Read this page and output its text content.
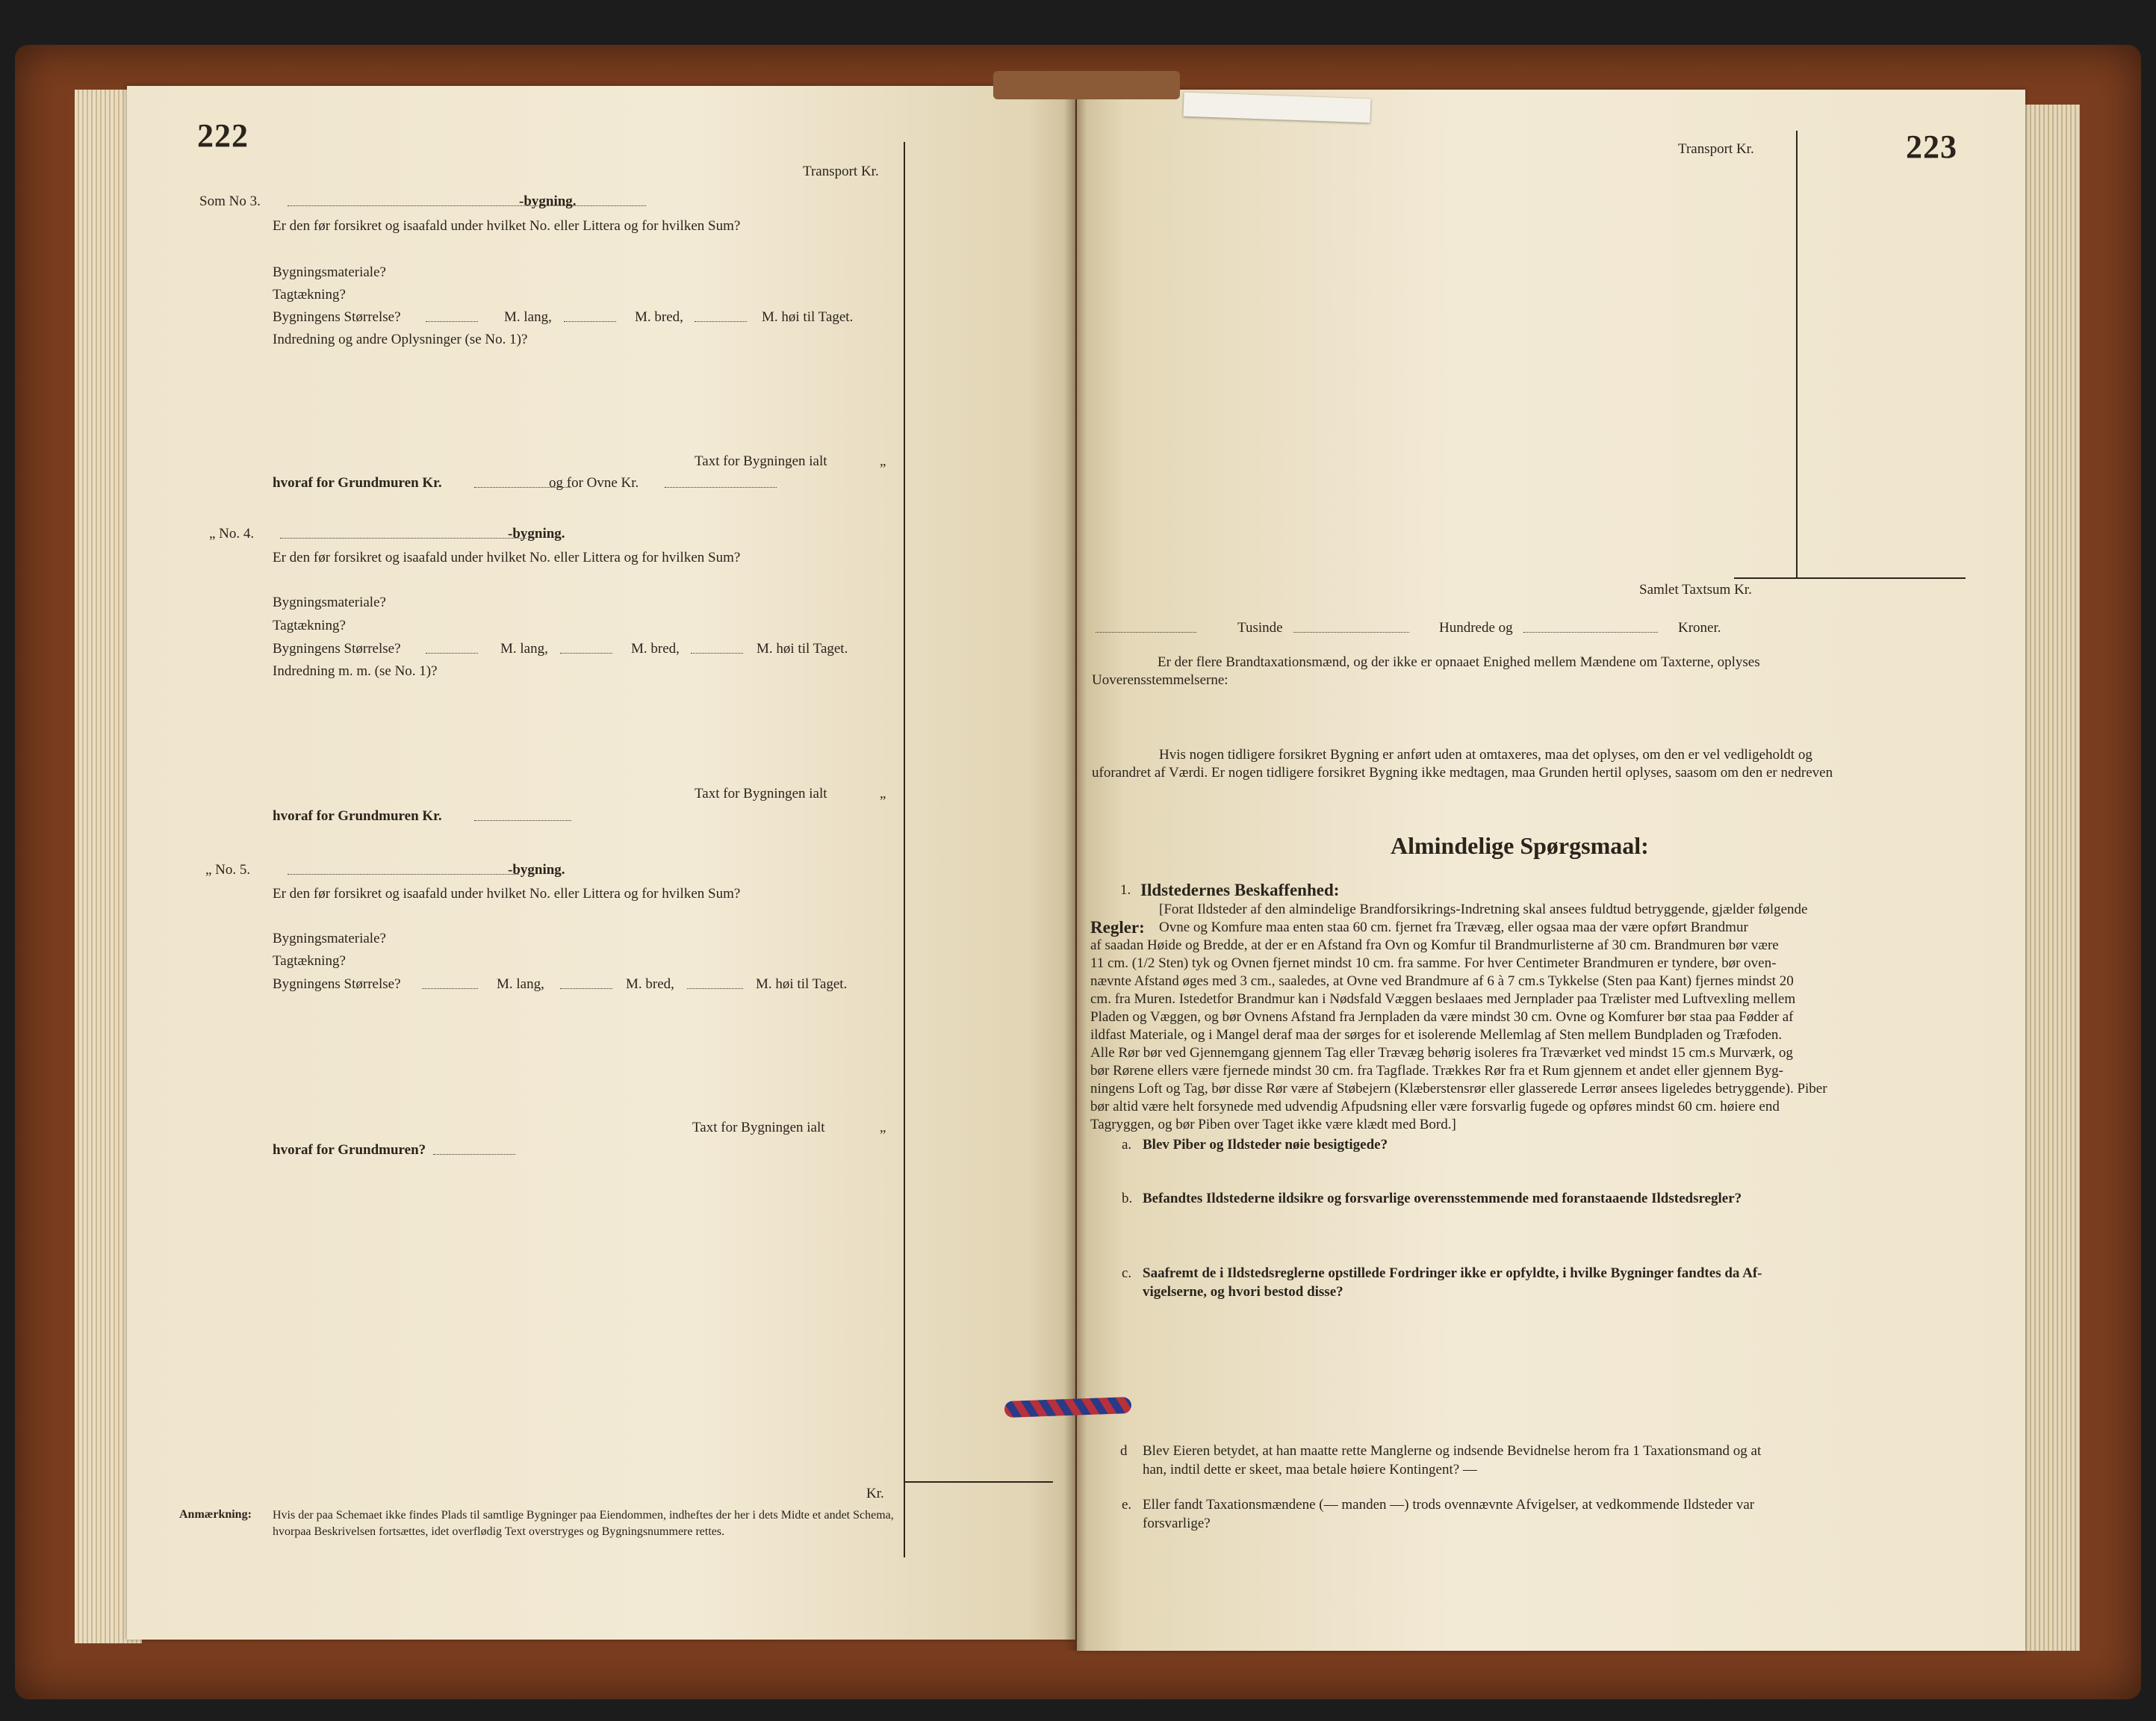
222
Transport Kr.
Som No 3.	-bygning.
Er den før forsikret og isaafald under hvilket No. eller Littera og for hvilken Sum?
Bygningsmateriale?
Tagtækning?
Bygningens Størrelse?	M. lang,	M. bred,	M. høi til Taget.
Indredning og andre Oplysninger (se No. 1)?
Taxt for Bygningen ialt	„
hvoraf for Grundmuren Kr.	og for Ovne Kr.
„ No. 4.	-bygning.
Er den før forsikret og isaafald under hvilket No. eller Littera og for hvilken Sum?
Bygningsmateriale?
Tagtækning?
Bygningens Størrelse?	M. lang,	M. bred,	M. høi til Taget.
Indredning m. m. (se No. 1)?
Taxt for Bygningen ialt	„
hvoraf for Grundmuren Kr.
„ No. 5.	-bygning.
Er den før forsikret og isaafald under hvilket No. eller Littera og for hvilken Sum?
Bygningsmateriale?
Tagtækning?
Bygningens Størrelse?	M. lang,	M. bred,	M. høi til Taget.
Taxt for Bygningen ialt	„
hvoraf for Grundmuren?
Kr.
Anmærkning: Hvis der paa Schemaet ikke findes Plads til samtlige Bygninger paa Eiendommen, indheftes der her i dets Midte et andet Schema,
hvorpaa Beskrivelsen fortsættes, idet overflødig Text overstryges og Bygningsnummere rettes.
Transport Kr.	223
Samlet Taxtsum Kr.
Tusinde	Hundrede og	Kroner.
Er der flere Brandtaxationsmænd, og der ikke er opnaaet Enighed mellem Mændene om Taxterne, oplyses
Uoverensstemmelserne:
Hvis nogen tidligere forsikret Bygning er anført uden at omtaxeres, maa det oplyses, om den er vel vedligeholdt og
uforandret af Værdi. Er nogen tidligere forsikret Bygning ikke medtagen, maa Grunden hertil oplyses, saasom om den er nedreven
Almindelige Spørgsmaal:
1. Ildstedernes Beskaffenhed:
Regler:
[Forat Ildsteder af den almindelige Brandforsikrings-Indretning skal ansees fuldtud betryggende, gjælder følgende
Ovne og Komfure maa enten staa 60 cm. fjernet fra Trævæg, eller ogsaa maa der være opført Brandmur
af saadan Høide og Bredde, at der er en Afstand fra Ovn og Komfur til Brandmurlisterne af 30 cm. Brandmuren bør være
11 cm. (1/2 Sten) tyk og Ovnen fjernet mindst 10 cm. fra samme. For hver Centimeter Brandmuren er tyndere, bør oven-
nævnte Afstand øges med 3 cm., saaledes, at Ovne ved Brandmure af 6 à 7 cm.s Tykkelse (Sten paa Kant) fjernes mindst 20
cm. fra Muren. Istedetfor Brandmur kan i Nødsfald Væggen beslaaes med Jernplader paa Trælister med Luftvexling mellem
Pladen og Væggen, og bør Ovnens Afstand fra Jernpladen da være mindst 30 cm. Ovne og Komfurer bør staa paa Fødder af
ildfast Materiale, og i Mangel deraf maa der sørges for et isolerende Mellemlag af Sten mellem Bundpladen og Træfoden.
Alle Rør bør ved Gjennemgang gjennem Tag eller Trævæg behørig isoleres fra Træværket ved mindst 15 cm.s Murværk, og
bør Rørene ellers være fjernede mindst 30 cm. fra Tagflade. Trækkes Rør fra et Rum gjennem et andet eller gjennem Byg-
ningens Loft og Tag, bør disse Rør være af Støbejern (Klæberstensrør eller glasserede Lerrør ansees ligeledes betryggende). Piber
bør altid være helt forsynede med udvendig Afpudsning eller være forsvarlig fugede og opføres mindst 60 cm. høiere end
Tagryggen, og bør Piben over Taget ikke være klædt med Bord.]
a. Blev Piber og Ildsteder nøie besigtigede?
b. Befandtes Ildstederne ildsikre og forsvarlige overensstemmende med foranstaaende Ildstedsregler?
c. Saafremt de i Ildstedsreglerne opstillede Fordringer ikke er opfyldte, i hvilke Bygninger fandtes da Af-
vigelserne, og hvori bestod disse?
d Blev Eieren betydet, at han maatte rette Manglerne og indsende Bevidnelse herom fra 1 Taxationsmand og at
han, indtil dette er skeet, maa betale høiere Kontingent? —
e. Eller fandt Taxationsmændene (— manden —) trods ovennævnte Afvigelser, at vedkommende Ildsteder var
forsvarlige?
